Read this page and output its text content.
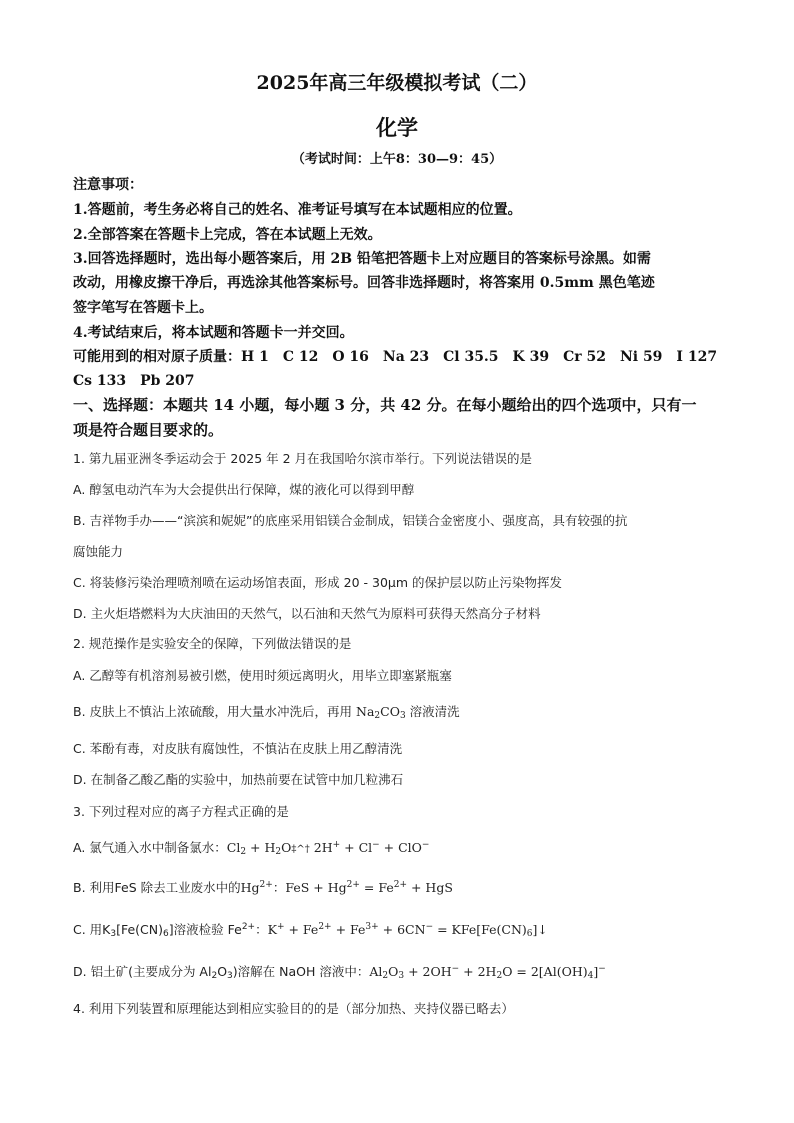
2025年高三年级模拟考试（二）
化学
（考试时间：上午8：30—9：45）
注意事项：
1.答题前，考生务必将自己的姓名、准考证号填写在本试题相应的位置。
2.全部答案在答题卡上完成，答在本试题上无效。
3.回答选择题时，选出每小题答案后，用 2B 铅笔把答题卡上对应题目的答案标号涂黑。如需
改动，用橡皮擦干净后，再选涂其他答案标号。回答非选择题时，将答案用 0.5mm 黑色笔迹
签字笔写在答题卡上。
4.考试结束后，将本试题和答题卡一并交回。
可能用到的相对原子质量：H 1　C 12　O 16　Na 23　Cl 35.5　K 39　Cr 52　Ni 59　I 127
Cs 133　Pb 207
一、选择题：本题共 14 小题，每小题 3 分，共 42 分。在每小题给出的四个选项中，只有一
项是符合题目要求的。
1. 第九届亚洲冬季运动会于 2025 年 2 月在我国哈尔滨市举行。下列说法错误的是
A. 醇氢电动汽车为大会提供出行保障，煤的液化可以得到甲醇
B. 吉祥物手办——“滨滨和妮妮”的底座采用铝镁合金制成，铝镁合金密度小、强度高，具有较强的抗
腐蚀能力
C. 将装修污染治理喷剂喷在运动场馆表面，形成 20 - 30μm 的保护层以防止污染物挥发
D. 主火炬塔燃料为大庆油田的天然气，以石油和天然气为原料可获得天然高分子材料
2. 规范操作是实验安全的保障，下列做法错误的是
A. 乙醇等有机溶剂易被引燃，使用时须远离明火，用毕立即塞紧瓶塞
B. 皮肤上不慎沾上浓硫酸，用大量水冲洗后，再用 $Na_2CO_3$ 溶液清洗
C. 苯酚有毒，对皮肤有腐蚀性，不慎沾在皮肤上用乙醇清洗
D. 在制备乙酸乙酯的实验中，加热前要在试管中加几粒沸石
3. 下列过程对应的离子方程式正确的是
A. 氯气通入水中制备氯水：$Cl_2$ + $H_2O\ddagger\^{}\dagger$ 2H+ + Cl− + ClO−
B. 利用FeS 除去工业废水中的$Hg^{2+}$：FeS + $Hg^{2+} = Fe^{2+}$ + HgS
C. 用$K_3[Fe(CN)_6]$溶液检验 $Fe^{2+}$：$K^+ + Fe^{2+} + Fe^{3+} + 6CN^-$ = $KFe[Fe(CN)_6]↓$
D. 铝土矿(主要成分为 $Al_2O_3$)溶解在 NaOH 溶液中：$Al_2O_3 + 2OH^- + 2H_2O = 2[Al(OH)_4]^-$
4. 利用下列装置和原理能达到相应实验目的的是（部分加热、夹持仪器已略去）
